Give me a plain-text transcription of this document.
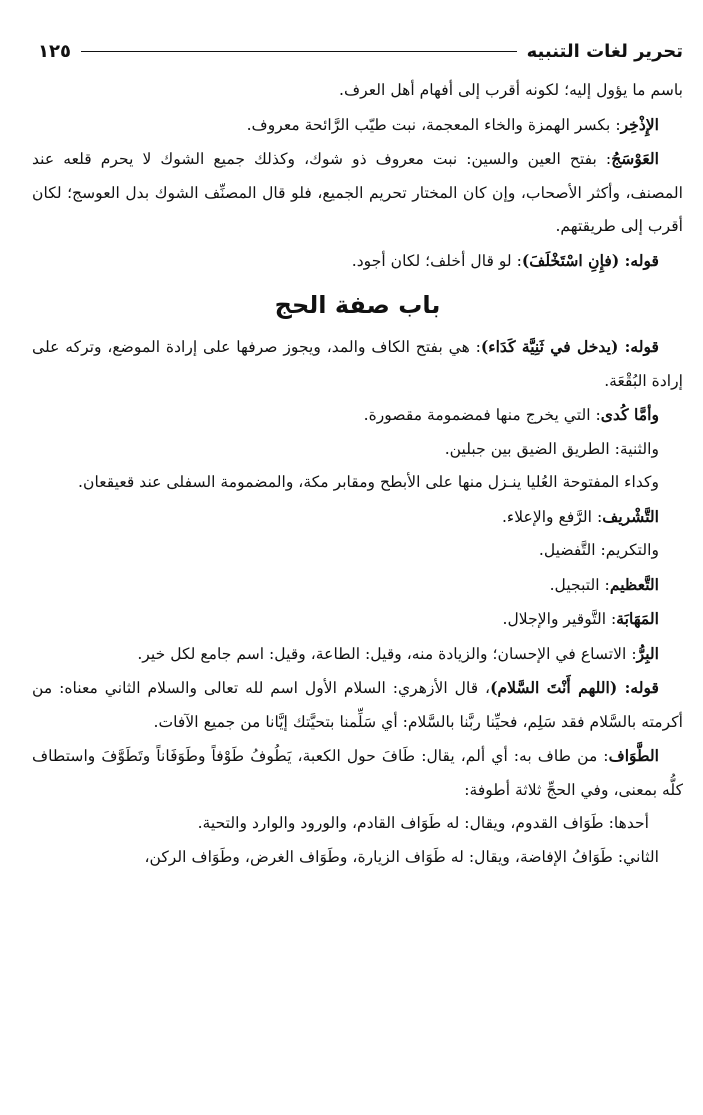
تحرير لغات التنبيه
١٢٥

باسم ما يؤول إليه؛ لكونه أقرب إلى أفهام أهل العرف.

الإِذْخِر: بكسر الهمزة والخاء المعجمة، نبت طيّب الرَّائحة معروف.

العَوْسَجُ: بفتح العين والسين: نبت معروف ذو شوك، وكذلك جميع الشوك لا يحرم قلعه عند المصنف، وأكثر الأصحاب، وإن كان المختار تحريم الجميع، فلو قال المصنِّف الشوك بدل العوسج؛ لكان أقرب إلى طريقتهم.

قوله: (فإِنِ اسْتَخْلَفَ): لو قال أخلف؛ لكان أجود.

باب صفة الحج

قوله: (يدخل في ثَنِيَّة كَدَاء): هي بفتح الكاف والمد، ويجوز صرفها على إرادة الموضع، وتركه على إرادة البُقْعَة.

وأمَّا كُدى: التي يخرج منها فمضمومة مقصورة.

والثنية: الطريق الضيق بين جبلين.

وكداء المفتوحة العُليا ينـزل منها على الأبطح ومقابر مكة، والمضمومة السفلى عند قعيقعان.

التَّشْريف: الرَّفع والإعلاء.

والتكريم: التَّفضيل.

التَّعظيم: التبجيل.

المَهَابَة: التَّوقير والإجلال.

البِرُّ: الاتساع في الإحسان؛ والزيادة منه، وقيل: الطاعة، وقيل: اسم جامع لكل خير.

قوله: (اللهم أَنْتَ السَّلام)، قال الأزهري: السلام الأول اسم لله تعالى والسلام الثاني معناه: من أكرمته بالسَّلام فقد سَلِم، فحيِّنا ربَّنا بالسَّلام: أي سَلِّمنا بتحيَّتك إيَّانا من جميع الآفات.

الطَّوَاف: من طاف به: أي ألم، يقال: طَافَ حول الكعبة، يَطُوفُ طَوْفاً وطَوَفَاناً وتَطَوَّفَ واستطاف كلُّه بمعنى، وفي الحجِّ ثلاثة أطوفة:

أحدها: طَوَاف القدوم، ويقال: له طَوَاف القادم، والورود والوارد والتحية.

الثاني: طَوَافُ الإفاضة، ويقال: له طَوَاف الزيارة، وطَوَاف الغرض، وطَوَاف الركن،
